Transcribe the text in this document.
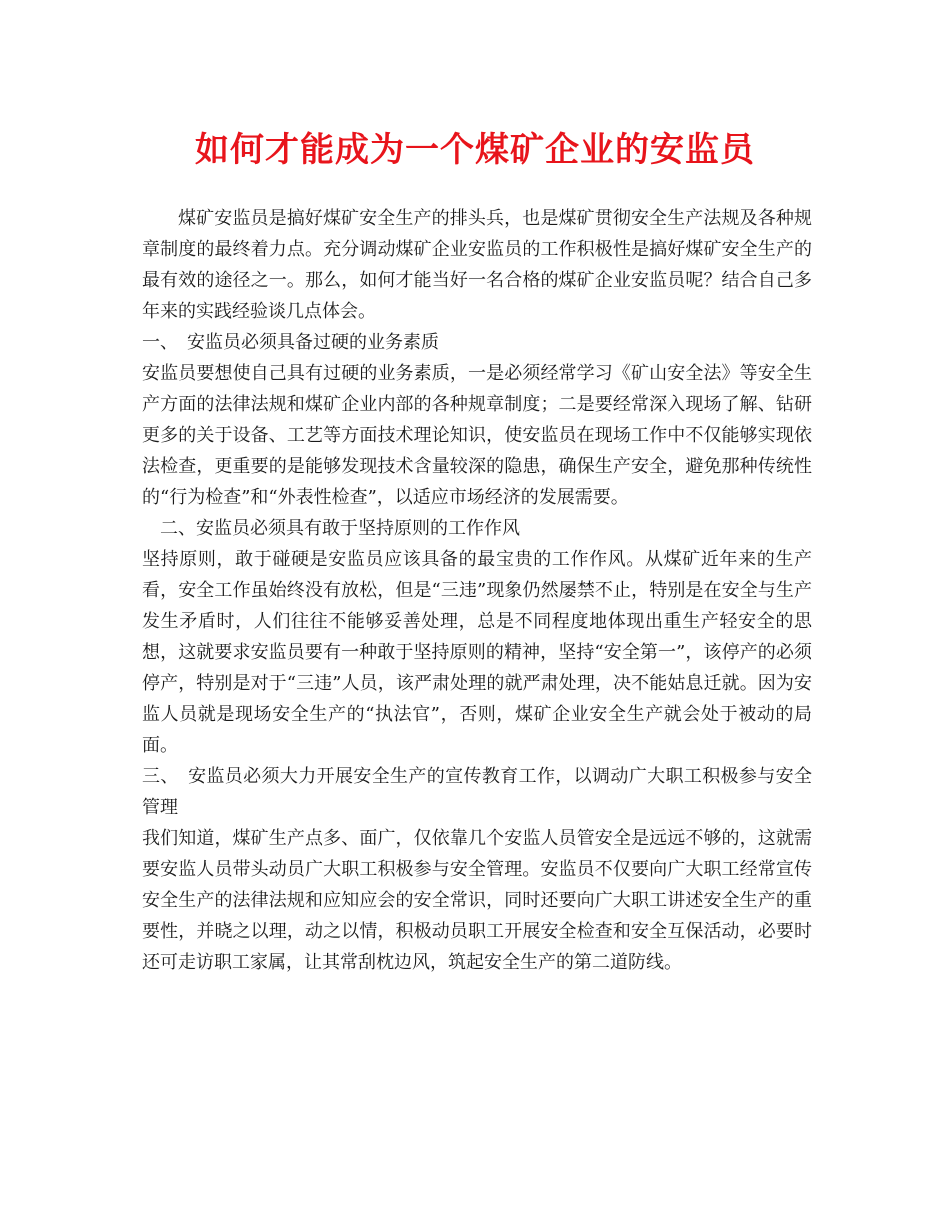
如何才能成为一个煤矿企业的安监员

煤矿安监员是搞好煤矿安全生产的排头兵，也是煤矿贯彻安全生产法规及各种规章制度的最终着力点。充分调动煤矿企业安监员的工作积极性是搞好煤矿安全生产的最有效的途径之一。那么，如何才能当好一名合格的煤矿企业安监员呢？结合自己多年来的实践经验谈几点体会。

一、　安监员必须具备过硬的业务素质

安监员要想使自己具有过硬的业务素质，一是必须经常学习《矿山安全法》等安全生产方面的法律法规和煤矿企业内部的各种规章制度；二是要经常深入现场了解、钻研更多的关于设备、工艺等方面技术理论知识，使安监员在现场工作中不仅能够实现依法检查，更重要的是能够发现技术含量较深的隐患，确保生产安全，避免那种传统性的“行为检查”和“外表性检查”，以适应市场经济的发展需要。

二、安监员必须具有敢于坚持原则的工作作风

坚持原则，敢于碰硬是安监员应该具备的最宝贵的工作作风。从煤矿近年来的生产看，安全工作虽始终没有放松，但是“三违”现象仍然屡禁不止，特别是在安全与生产发生矛盾时，人们往往不能够妥善处理，总是不同程度地体现出重生产轻安全的思想，这就要求安监员要有一种敢于坚持原则的精神，坚持“安全第一”，该停产的必须停产，特别是对于“三违”人员，该严肃处理的就严肃处理，决不能姑息迁就。因为安监人员就是现场安全生产的“执法官”，否则，煤矿企业安全生产就会处于被动的局面。

三、　安监员必须大力开展安全生产的宣传教育工作，以调动广大职工积极参与安全管理

我们知道，煤矿生产点多、面广，仅依靠几个安监人员管安全是远远不够的，这就需要安监人员带头动员广大职工积极参与安全管理。安监员不仅要向广大职工经常宣传安全生产的法律法规和应知应会的安全常识，同时还要向广大职工讲述安全生产的重要性，并晓之以理，动之以情，积极动员职工开展安全检查和安全互保活动，必要时还可走访职工家属，让其常刮枕边风，筑起安全生产的第二道防线。
